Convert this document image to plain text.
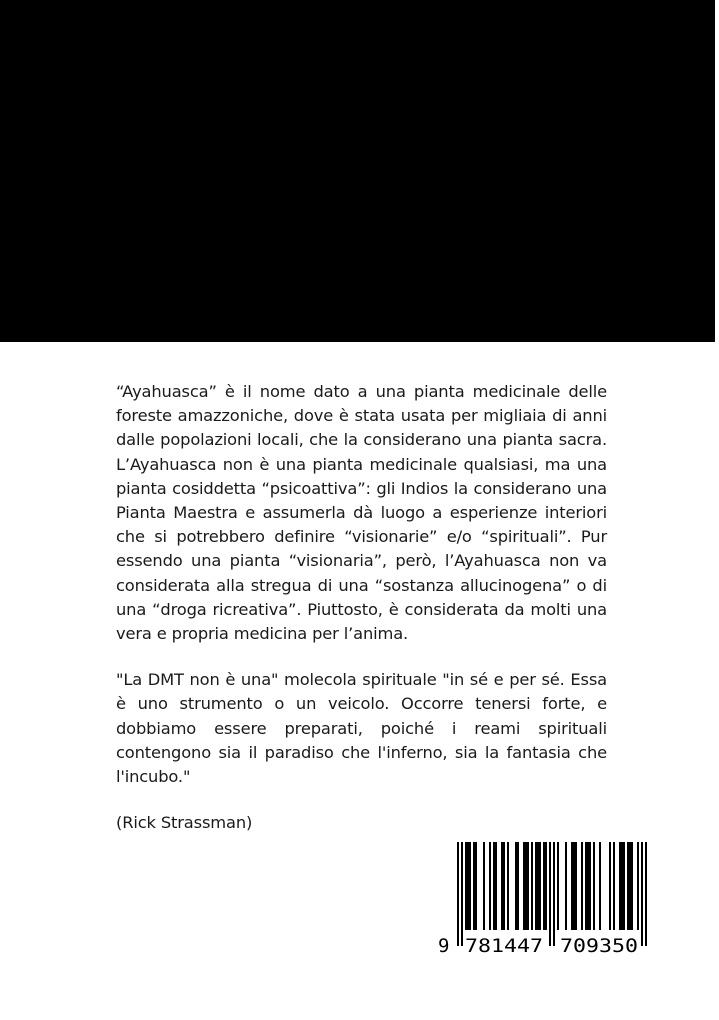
“Ayahuasca” è il nome dato a una pianta medicinale delle foreste amazzoniche, dove è stata usata per migliaia di anni dalle popolazioni locali, che la considerano una pianta sacra. L’Ayahuasca non è una pianta medicinale qualsiasi, ma una pianta cosiddetta “psicoattiva”: gli Indios la considerano una Pianta Maestra e assumerla dà luogo a esperienze interiori che si potrebbero definire “visionarie” e/o “spirituali”. Pur essendo una pianta “visionaria”, però, l’Ayahuasca non va considerata alla stregua di una “sostanza allucinogena” o di una “droga ricreativa”. Piuttosto, è considerata da molti una vera e propria medicina per l’anima.

"La DMT non è una" molecola spirituale "in sé e per sé. Essa è uno strumento o un veicolo. Occorre tenersi forte, e dobbiamo essere preparati, poiché i reami spirituali contengono sia il paradiso che l'inferno, sia la fantasia che l'incubo."

(Rick Strassman)

9 781447 709350
